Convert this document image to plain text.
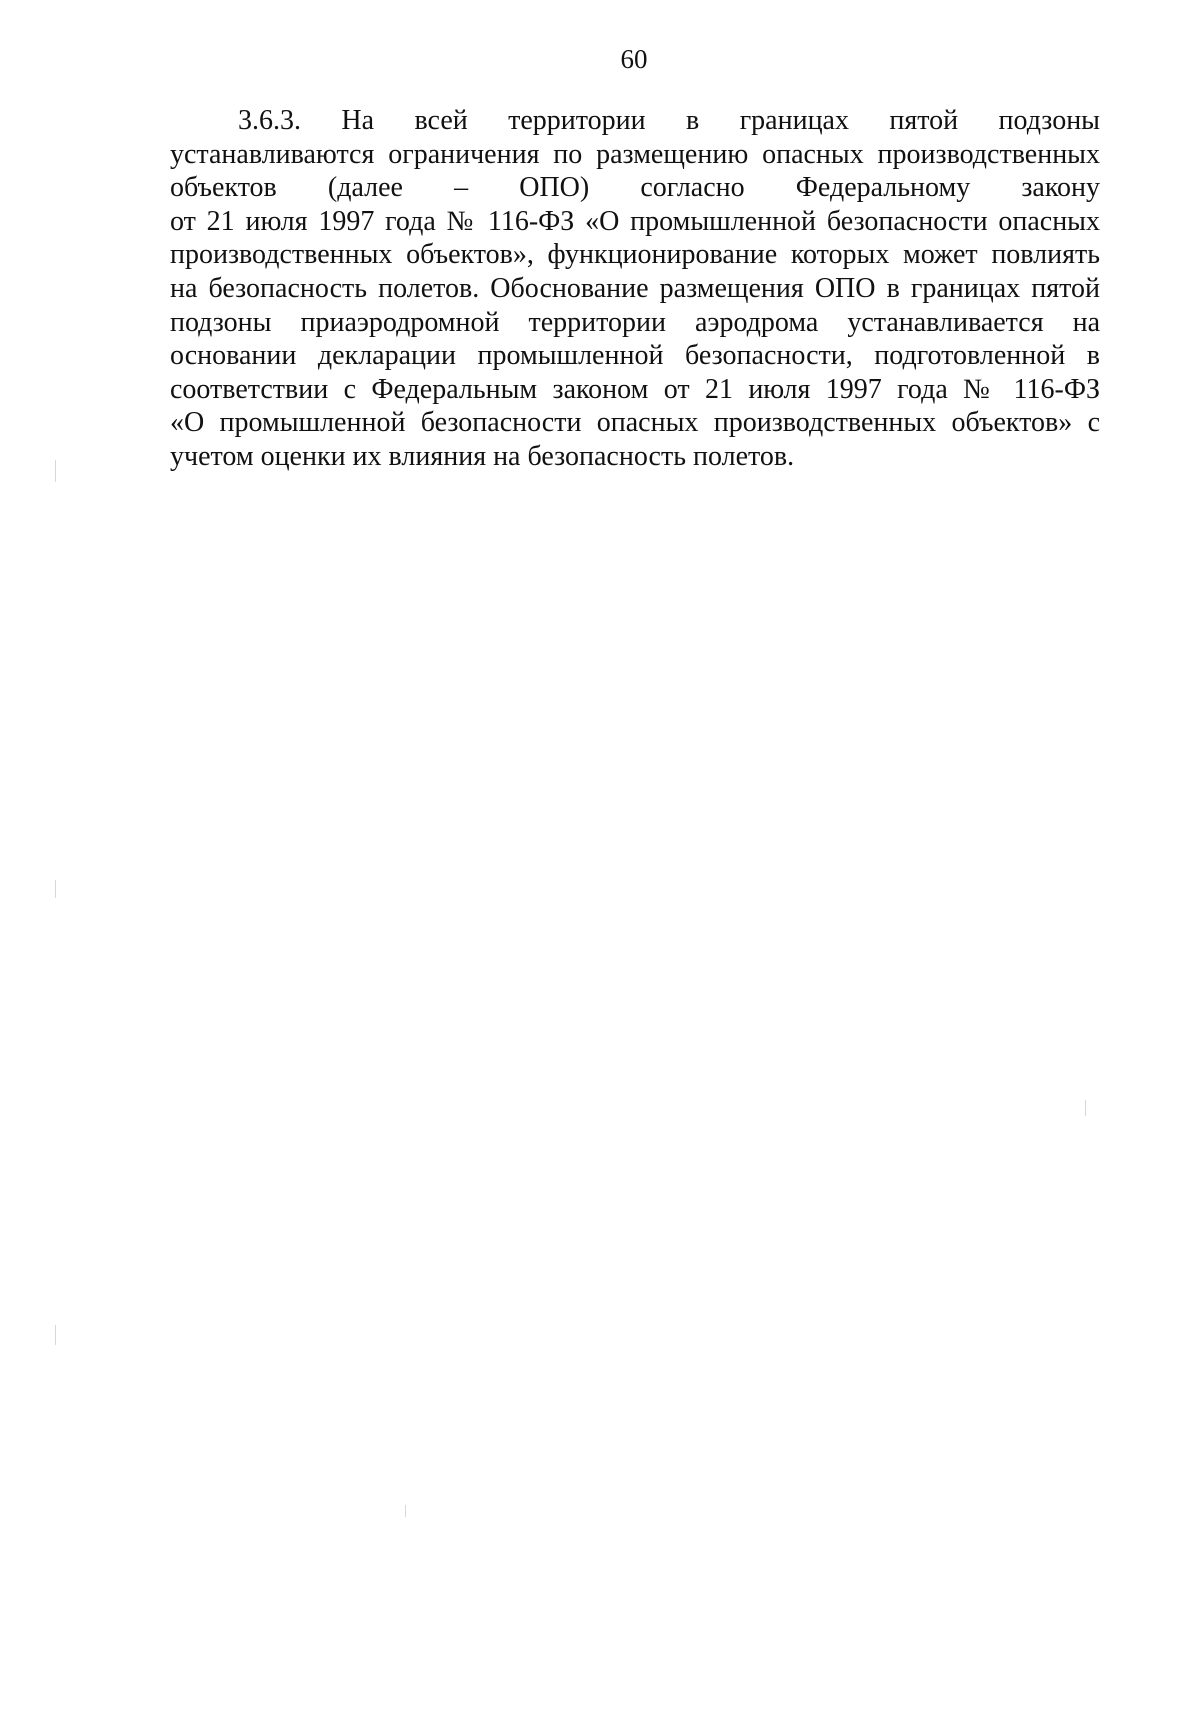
60
3.6.3. На всей территории в границах пятой подзоны
устанавливаются ограничения по размещению опасных производственных
объектов (далее – ОПО) согласно Федеральному закону
от 21 июля 1997 года № 116-ФЗ «О промышленной безопасности опасных
производственных объектов», функционирование которых может повлиять
на безопасность полетов. Обоснование размещения ОПО в границах пятой
подзоны приаэродромной территории аэродрома устанавливается на
основании декларации промышленной безопасности, подготовленной в
соответствии с Федеральным законом от 21 июля 1997 года № 116-ФЗ
«О промышленной безопасности опасных производственных объектов» с
учетом оценки их влияния на безопасность полетов.
